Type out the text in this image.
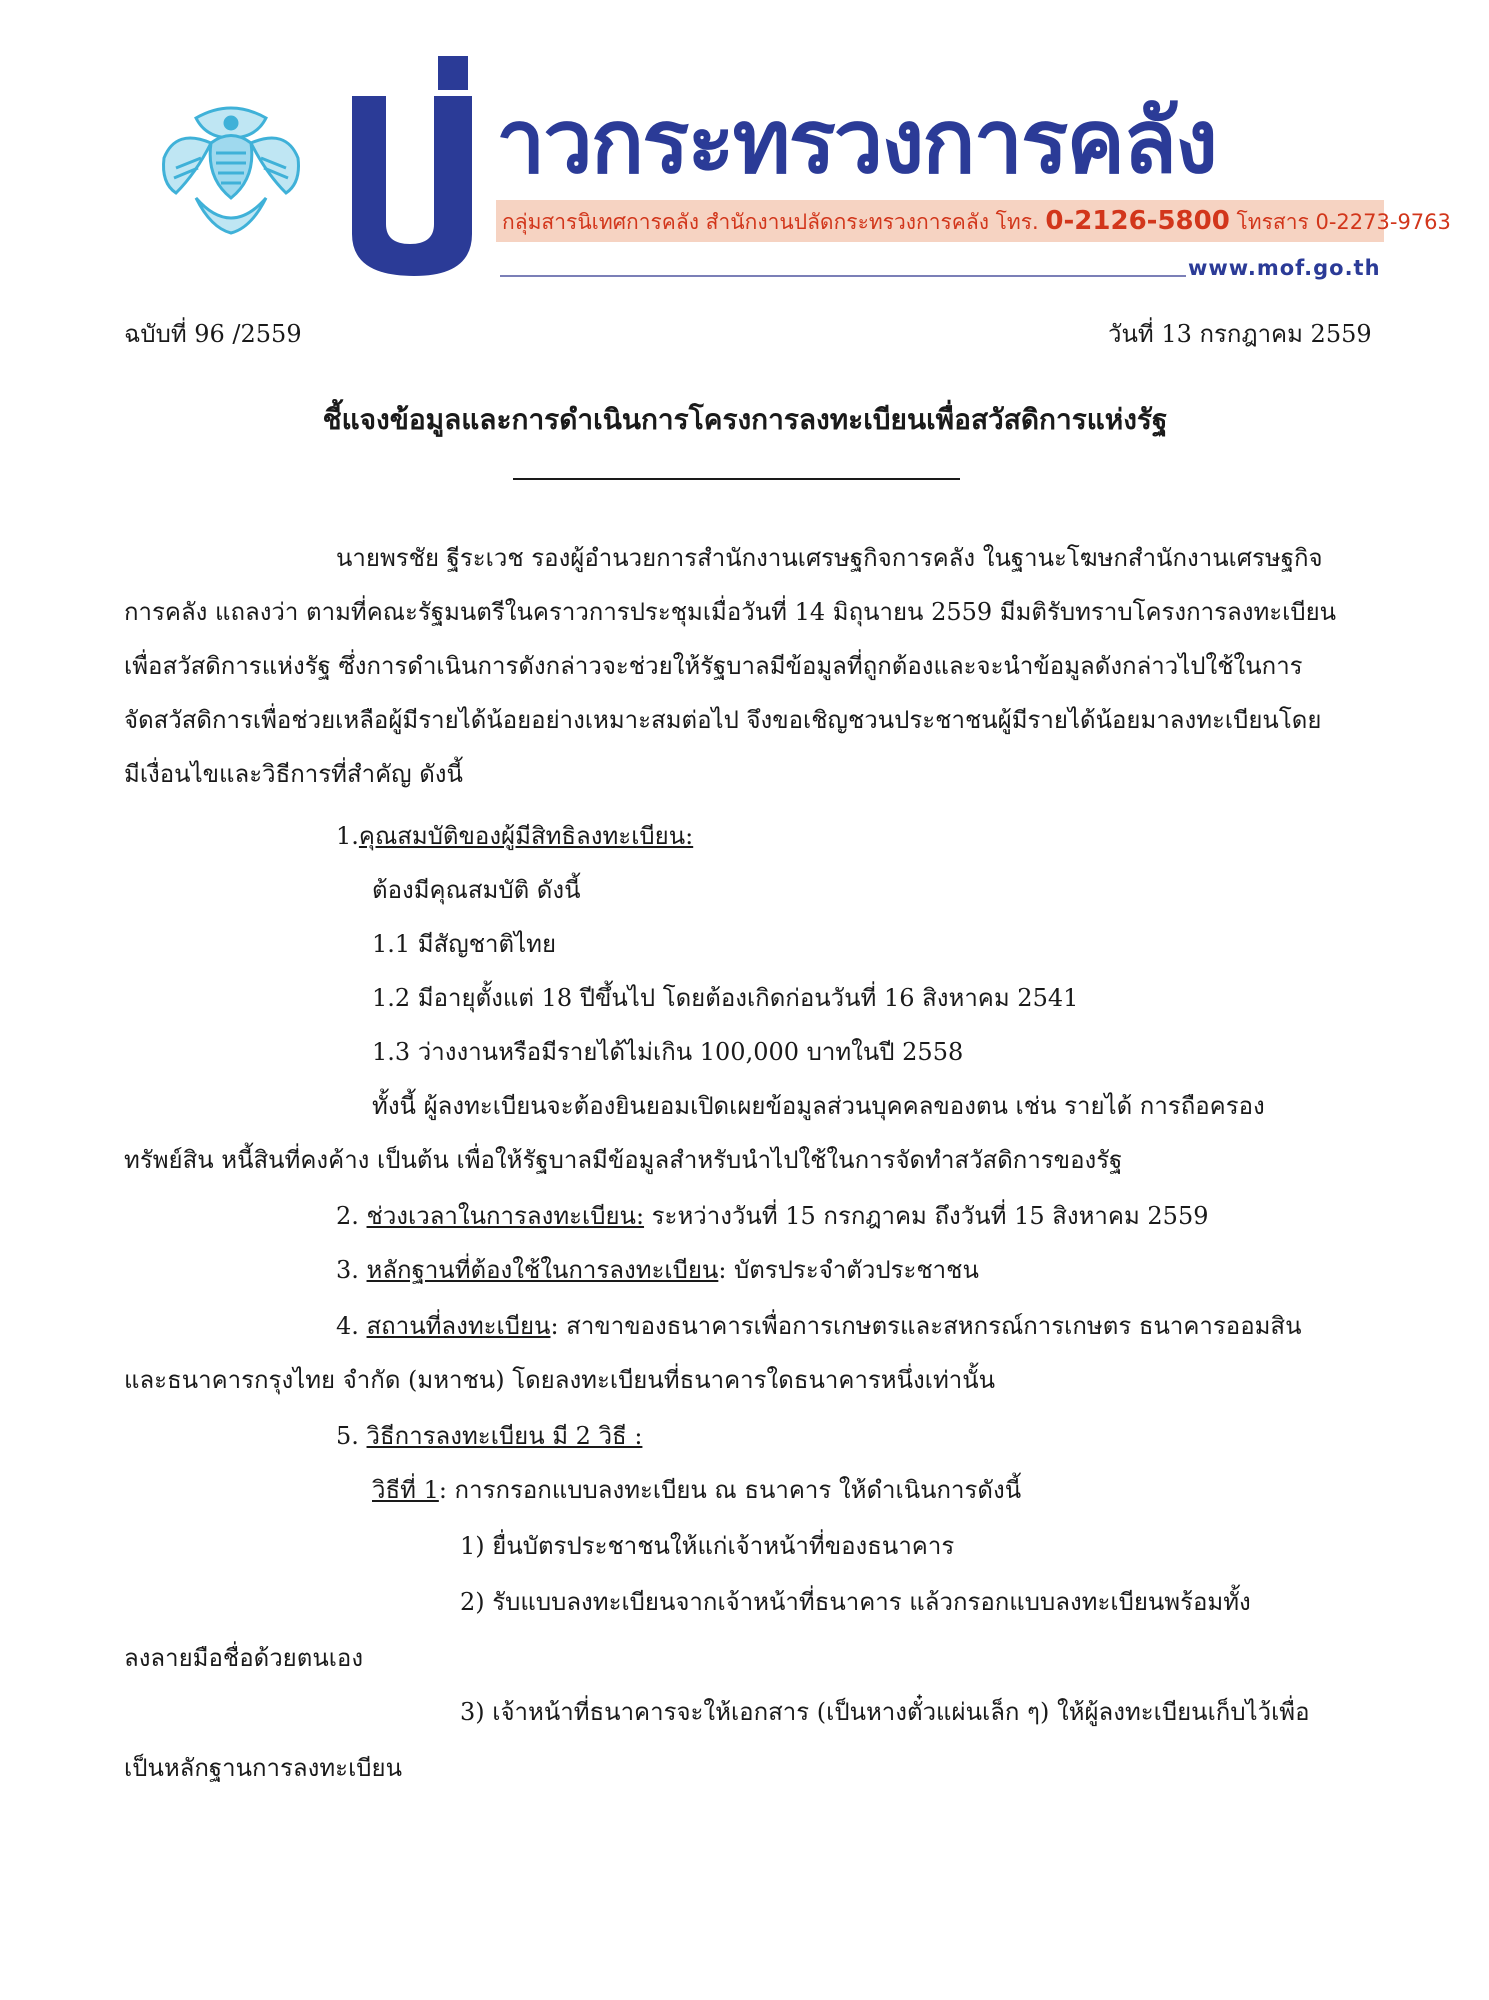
าวกระทรวงการคลัง
กลุ่มสารนิเทศการคลัง สำนักงานปลัดกระทรวงการคลัง โทร. 0-2126-5800 โทรสาร 0-2273-9763
www.mof.go.th
ฉบับที่ 96 /2559	วันที่ 13 กรกฎาคม 2559
ชี้แจงข้อมูลและการดำเนินการโครงการลงทะเบียนเพื่อสวัสดิการแห่งรัฐ
นายพรชัย ฐีระเวช รองผู้อำนวยการสำนักงานเศรษฐกิจการคลัง ในฐานะโฆษกสำนักงานเศรษฐกิจ
การคลัง แถลงว่า ตามที่คณะรัฐมนตรีในคราวการประชุมเมื่อวันที่ 14 มิถุนายน 2559 มีมติรับทราบโครงการลงทะเบียน
เพื่อสวัสดิการแห่งรัฐ ซึ่งการดำเนินการดังกล่าวจะช่วยให้รัฐบาลมีข้อมูลที่ถูกต้องและจะนำข้อมูลดังกล่าวไปใช้ในการ
จัดสวัสดิการเพื่อช่วยเหลือผู้มีรายได้น้อยอย่างเหมาะสมต่อไป จึงขอเชิญชวนประชาชนผู้มีรายได้น้อยมาลงทะเบียนโดย
มีเงื่อนไขและวิธีการที่สำคัญ ดังนี้
1.คุณสมบัติของผู้มีสิทธิลงทะเบียน:
ต้องมีคุณสมบัติ ดังนี้
1.1 มีสัญชาติไทย
1.2 มีอายุตั้งแต่ 18 ปีขึ้นไป โดยต้องเกิดก่อนวันที่ 16 สิงหาคม 2541
1.3 ว่างงานหรือมีรายได้ไม่เกิน 100,000 บาทในปี 2558
ทั้งนี้ ผู้ลงทะเบียนจะต้องยินยอมเปิดเผยข้อมูลส่วนบุคคลของตน เช่น รายได้ การถือครอง
ทรัพย์สิน หนี้สินที่คงค้าง เป็นต้น เพื่อให้รัฐบาลมีข้อมูลสำหรับนำไปใช้ในการจัดทำสวัสดิการของรัฐ
2. ช่วงเวลาในการลงทะเบียน: ระหว่างวันที่ 15 กรกฎาคม ถึงวันที่ 15 สิงหาคม 2559
3. หลักฐานที่ต้องใช้ในการลงทะเบียน: บัตรประจำตัวประชาชน
4. สถานที่ลงทะเบียน: สาขาของธนาคารเพื่อการเกษตรและสหกรณ์การเกษตร ธนาคารออมสิน
และธนาคารกรุงไทย จำกัด (มหาชน) โดยลงทะเบียนที่ธนาคารใดธนาคารหนึ่งเท่านั้น
5. วิธีการลงทะเบียน มี 2 วิธี :
วิธีที่ 1: การกรอกแบบลงทะเบียน ณ ธนาคาร ให้ดำเนินการดังนี้
1) ยื่นบัตรประชาชนให้แก่เจ้าหน้าที่ของธนาคาร
2) รับแบบลงทะเบียนจากเจ้าหน้าที่ธนาคาร แล้วกรอกแบบลงทะเบียนพร้อมทั้ง
ลงลายมือชื่อด้วยตนเอง
3) เจ้าหน้าที่ธนาคารจะให้เอกสาร (เป็นหางตั๋วแผ่นเล็ก ๆ) ให้ผู้ลงทะเบียนเก็บไว้เพื่อ
เป็นหลักฐานการลงทะเบียน
